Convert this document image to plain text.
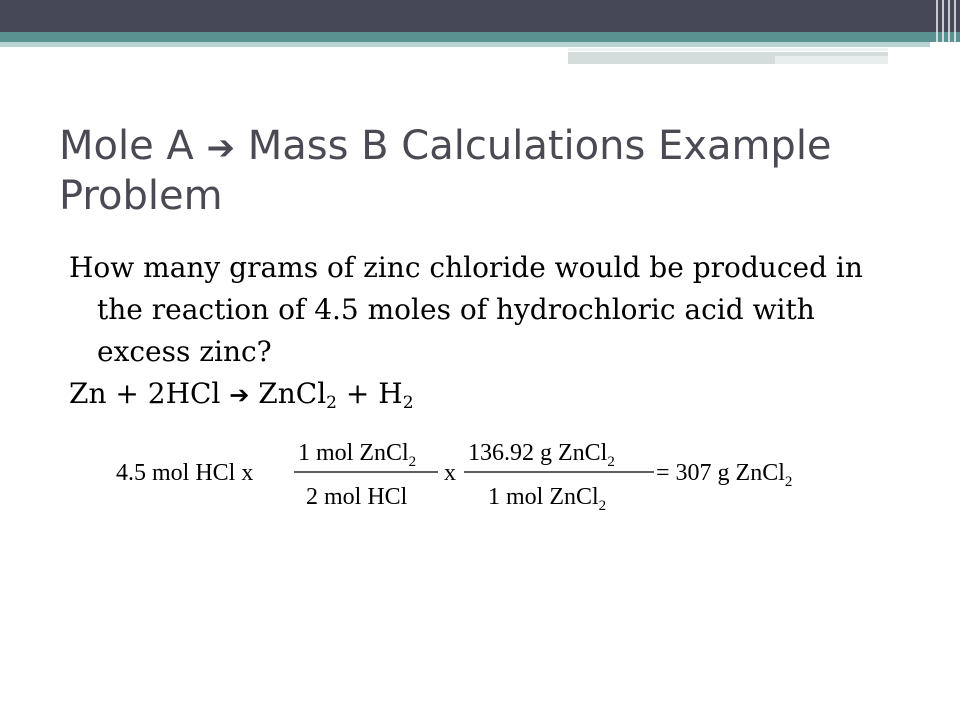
Mole A ➔ Mass B Calculations Example Problem
How many grams of zinc chloride would be produced in the reaction of 4.5 moles of hydrochloric acid with excess zinc?
Zn + 2HCl ➔ ZnCl$_2$ + $H_2$
4.5 mol HCl x
1 mol ZnCl$_2$
2 mol HCl
x
136.92 g ZnCl$_2$
1 mol ZnCl$_2$
= 307 g ZnCl$_2$
